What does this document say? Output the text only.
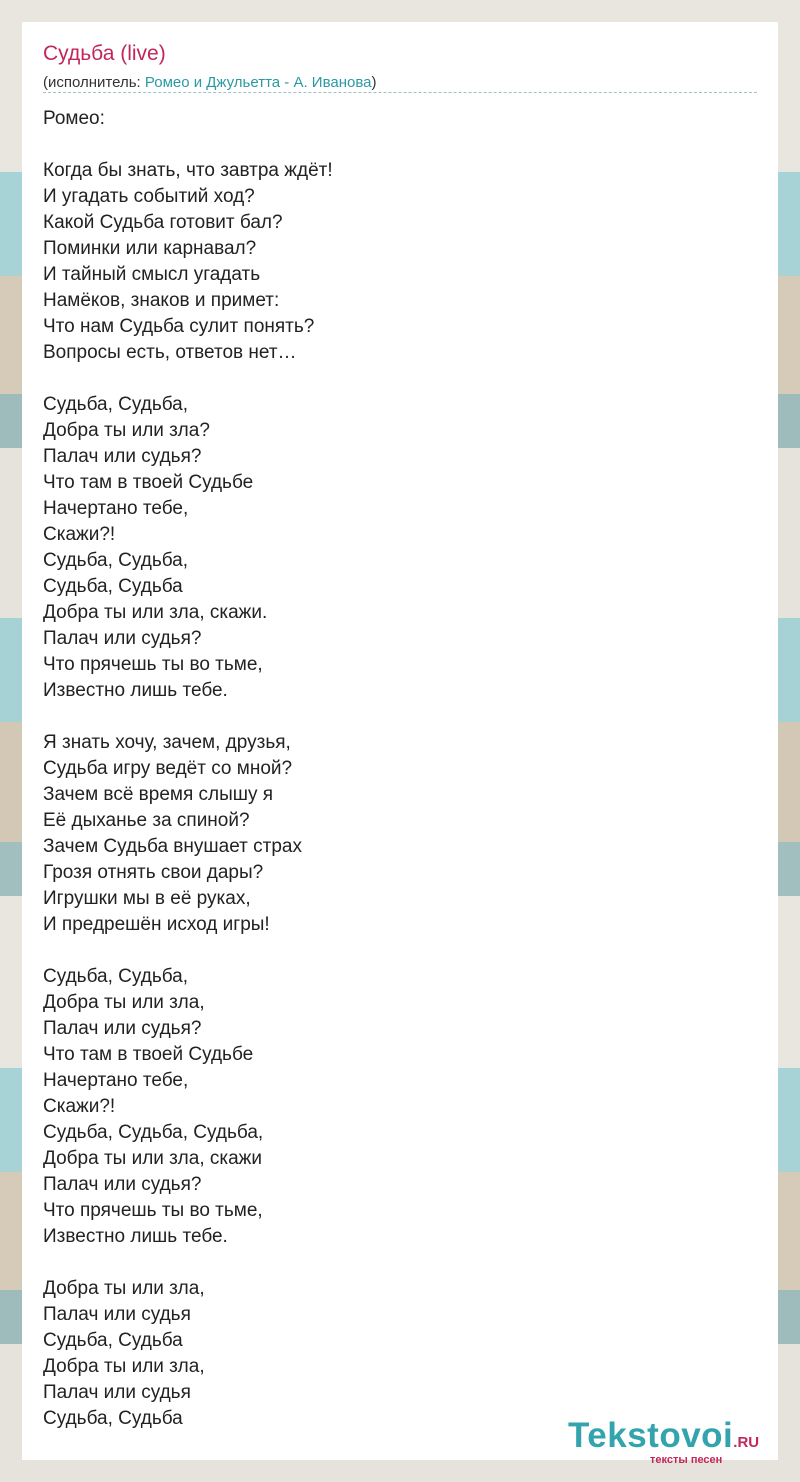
Судьба (live)
(исполнитель: Ромео и Джульетта - А. Иванова)
Ромео:

Когда бы знать, что завтра ждёт!
И угадать событий ход?
Какой Судьба готовит бал?
Поминки или карнавал?
И тайный смысл угадать
Намёков, знаков и примет:
Что нам Судьба сулит понять?
Вопросы есть, ответов нет…

Судьба, Судьба,
Добра ты или зла?
Палач или судья?
Что там в твоей Судьбе
Начертано тебе,
Скажи?!
Судьба, Судьба,
Судьба, Судьба
Добра ты или зла, скажи.
Палач или судья?
Что прячешь ты во тьме,
Известно лишь тебе.

Я знать хочу, зачем, друзья,
Судьба игру ведёт со мной?
Зачем всё время слышу я
Её дыханье за спиной?
Зачем Судьба внушает страх
Грозя отнять свои дары?
Игрушки мы в её руках,
И предрешён исход игры!

Судьба, Судьба,
Добра ты или зла,
Палач или судья?
Что там в твоей Судьбе
Начертано тебе,
Скажи?!
Судьба, Судьба, Судьба,
Добра ты или зла, скажи
Палач или судья?
Что прячешь ты во тьме,
Известно лишь тебе.

Добра ты или зла,
Палач или судья
Судьба, Судьба
Добра ты или зла,
Палач или судья
Судьба, Судьба	Tekstovoi.RU
тексты песен
